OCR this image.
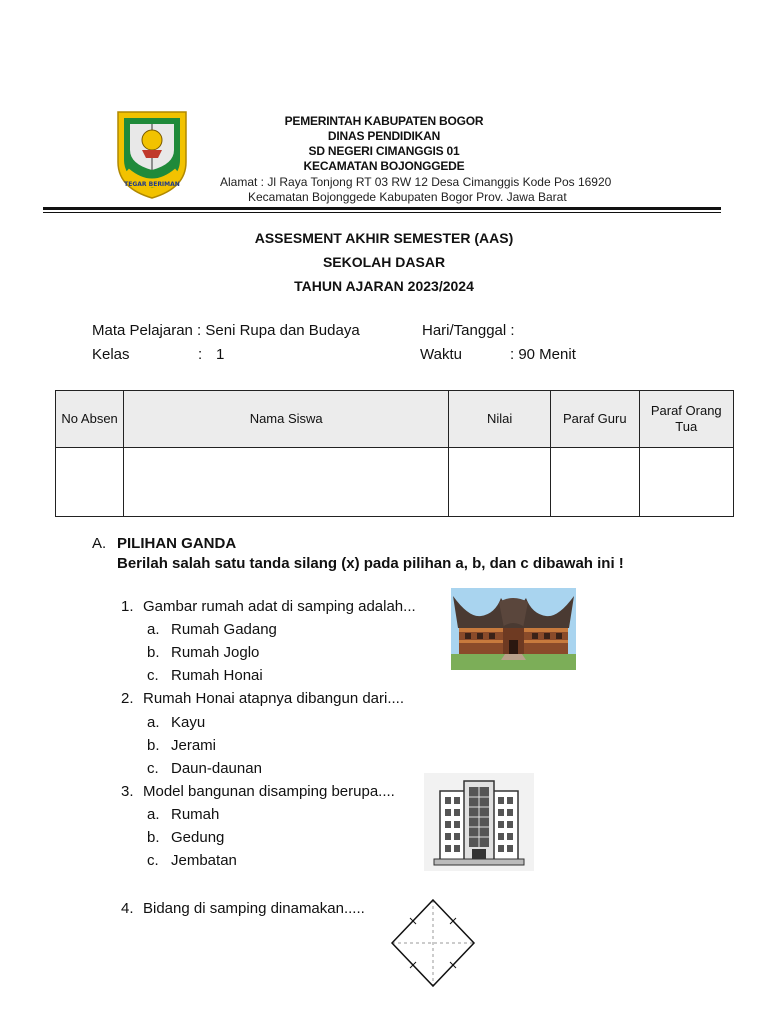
TEGAR BERIMAN
PEMERINTAH KABUPATEN BOGOR
DINAS PENDIDIKAN
SD NEGERI CIMANGGIS 01
KECAMATAN BOJONGGEDE
Alamat : Jl Raya Tonjong RT 03 RW 12 Desa Cimanggis Kode Pos 16920
Kecamatan Bojonggede Kabupaten Bogor Prov. Jawa Barat
ASSESMENT AKHIR SEMESTER (AAS)
SEKOLAH DASAR
TAHUN AJARAN 2023/2024
Mata Pelajaran : Seni Rupa dan Budaya	Hari/Tanggal :
Kelas	: 1	Waktu	: 90 Menit
No Absen	Nama Siswa	Nilai	Paraf Guru	Paraf Orang Tua

A. PILIHAN GANDA
Berilah salah satu tanda silang (x) pada pilihan a, b, dan c dibawah ini !
1. Gambar rumah adat di samping adalah...
a. Rumah Gadang
b. Rumah Joglo
c. Rumah Honai
2. Rumah Honai atapnya dibangun dari....
a. Kayu
b. Jerami
c. Daun-daunan
3. Model bangunan disamping berupa....
a. Rumah
b. Gedung
c. Jembatan
4. Bidang di samping dinamakan.....
